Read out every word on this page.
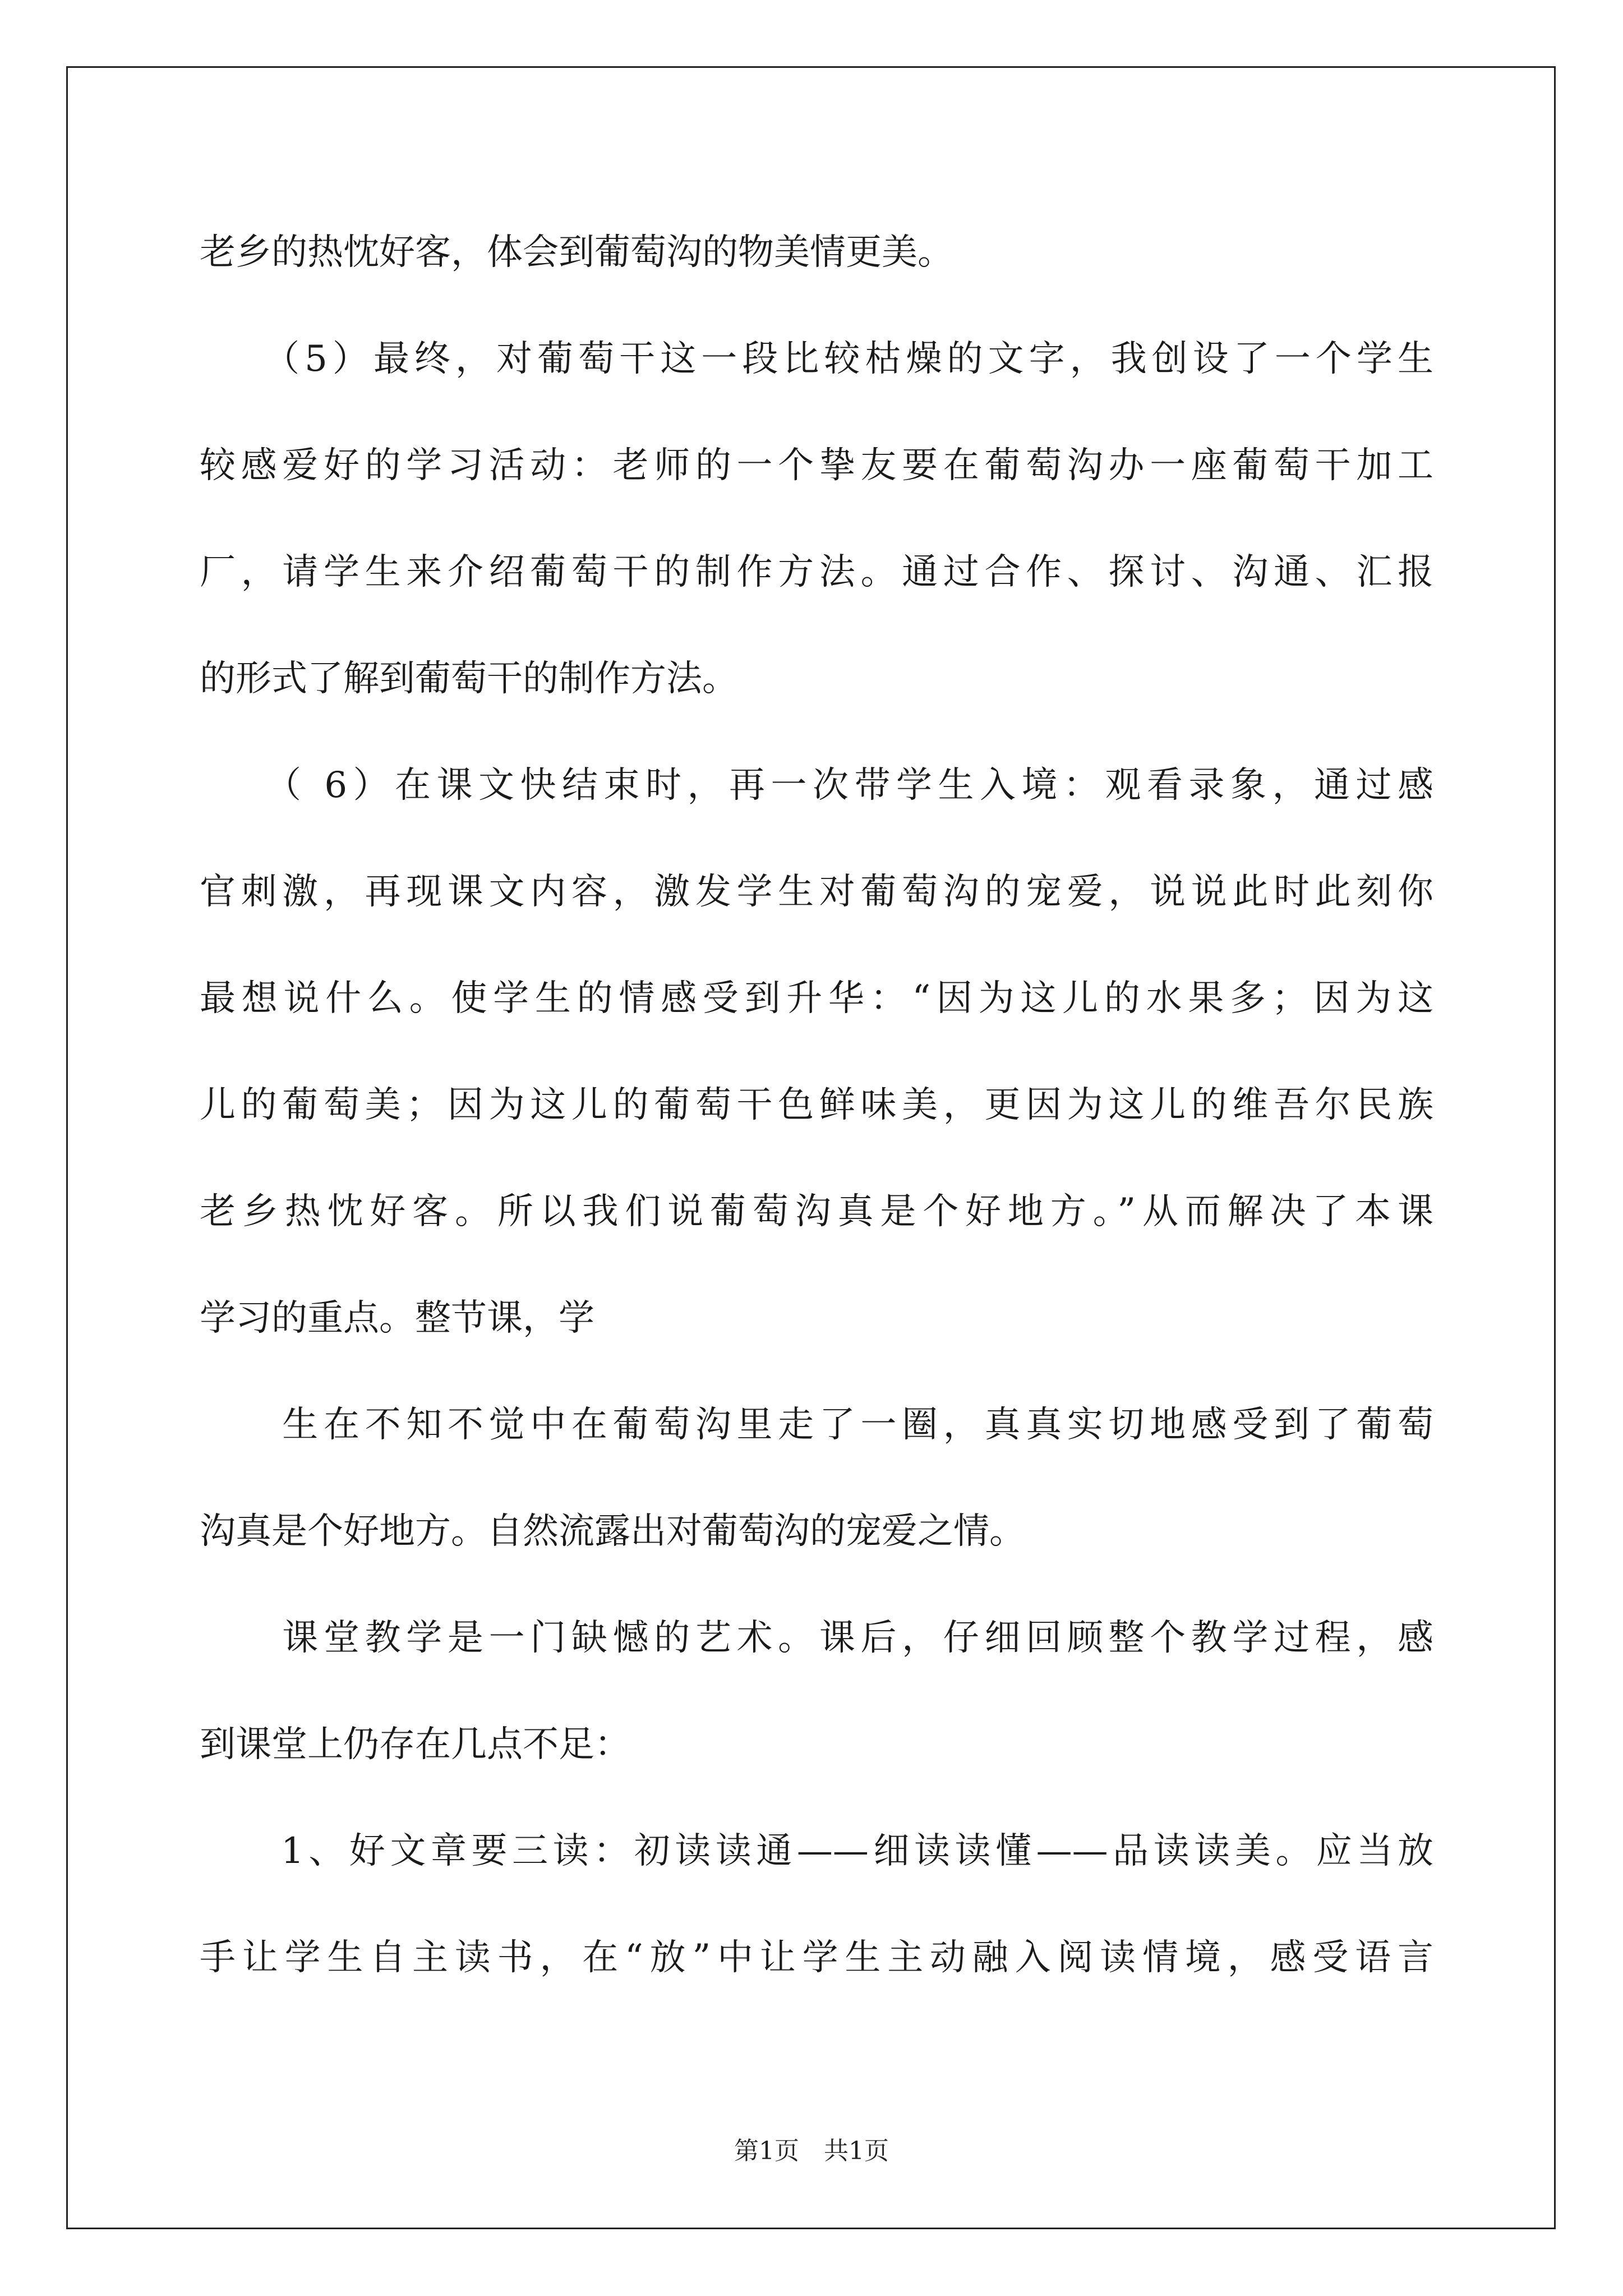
老乡的热忱好客，体会到葡萄沟的物美情更美。
　　（5）最终，对葡萄干这一段比较枯燥的文字，我创设了一个学生
较感爱好的学习活动：老师的一个挚友要在葡萄沟办一座葡萄干加工
厂，请学生来介绍葡萄干的制作方法。通过合作、探讨、沟通、汇报
的形式了解到葡萄干的制作方法。
　　（ 6）在课文快结束时，再一次带学生入境：观看录象，通过感
官刺激，再现课文内容，激发学生对葡萄沟的宠爱，说说此时此刻你
最想说什么。使学生的情感受到升华：“因为这儿的水果多；因为这
儿的葡萄美；因为这儿的葡萄干色鲜味美，更因为这儿的维吾尔民族
老乡热忱好客。所以我们说葡萄沟真是个好地方。”从而解决了本课
学习的重点。整节课，学
　　生在不知不觉中在葡萄沟里走了一圈，真真实切地感受到了葡萄
沟真是个好地方。自然流露出对葡萄沟的宠爱之情。
　　课堂教学是一门缺憾的艺术。课后，仔细回顾整个教学过程，感
到课堂上仍存在几点不足：
　　1、好文章要三读：初读读通——细读读懂——品读读美。应当放
手让学生自主读书，在“放”中让学生主动融入阅读情境，感受语言
第1页 共1页
